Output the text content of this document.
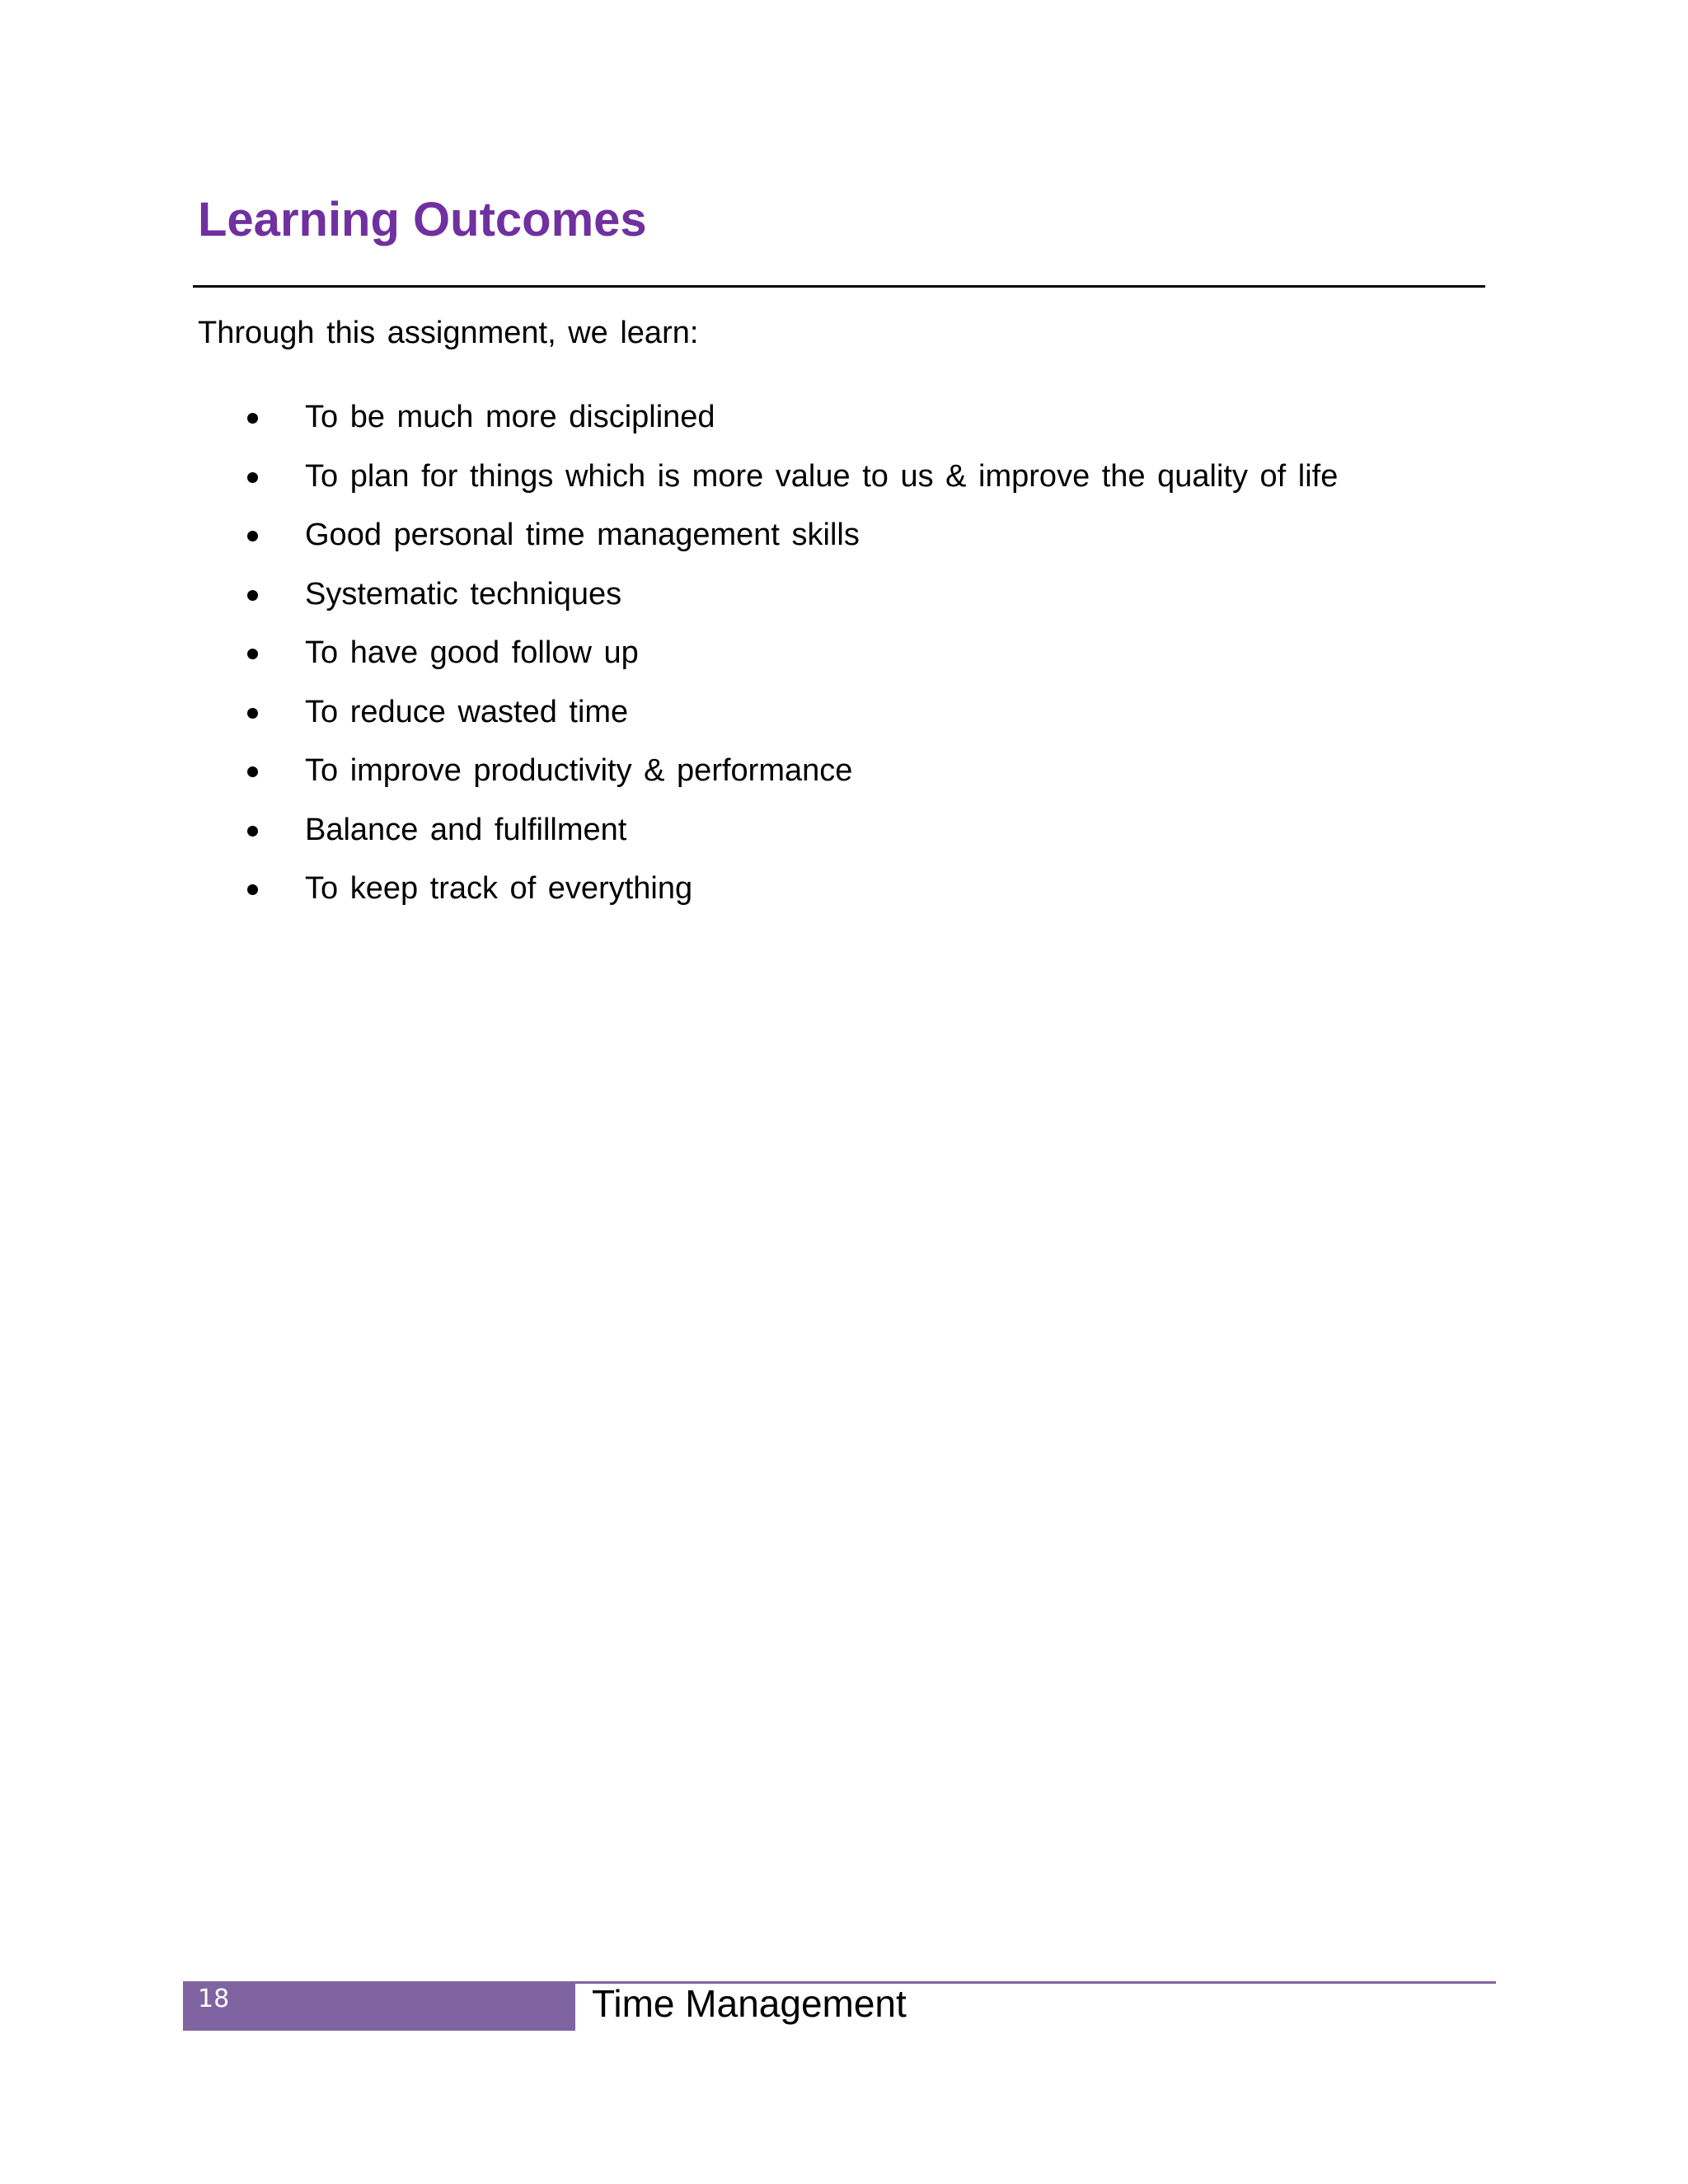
Learning Outcomes

Through this assignment, we learn:

To be much more disciplined
To plan for things which is more value to us & improve the quality of life
Good personal time management skills
Systematic techniques
To have good follow up
To reduce wasted time
To improve productivity & performance
Balance and fulfillment
To keep track of everything
18	Time Management
